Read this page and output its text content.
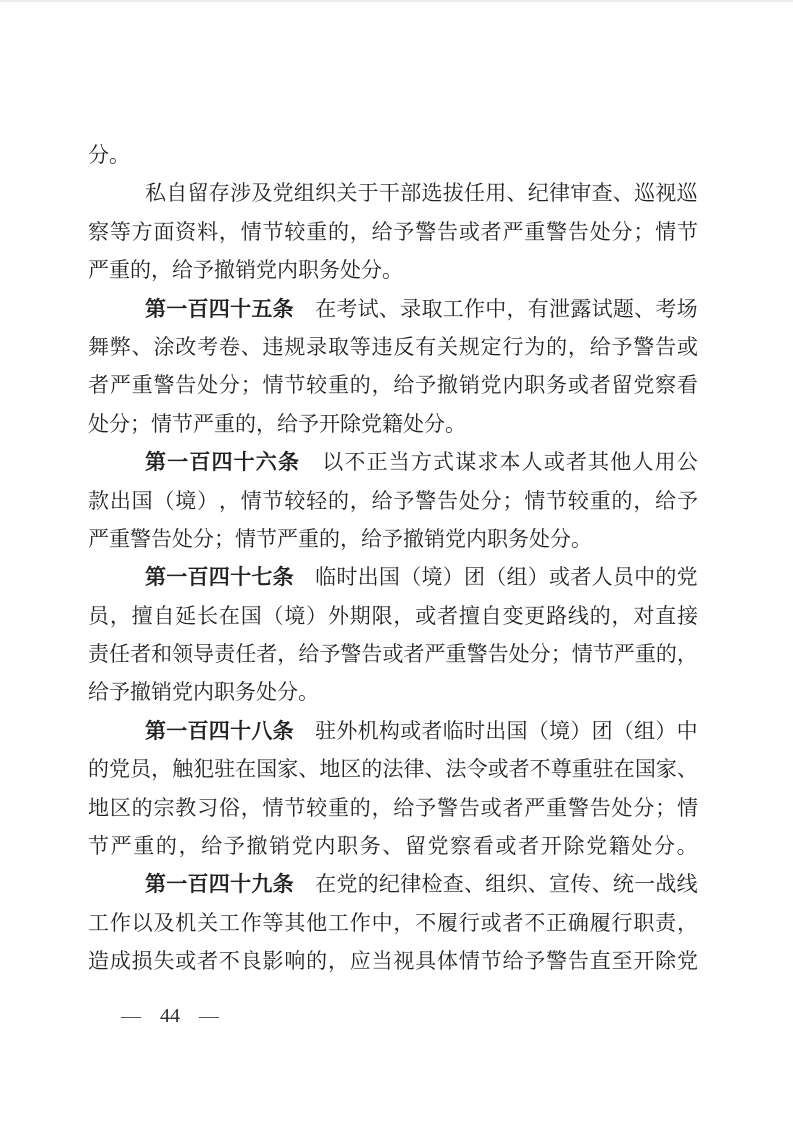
分。
私 自 留 存 涉 及 党 组 织 关 于 干 部 选 拔 任 用 、 纪 律 审 查 、 巡 视 巡
察 等 方 面 资 料 ， 情 节 较 重 的 ， 给 予 警 告 或 者 严 重 警 告 处 分 ； 情 节
严重的，给予撤销党内职务处分。
第 一 百 四 十 五 条
　 在 考 试 、 录 取 工 作 中 ， 有 泄 露 试 题 、 考 场
舞 弊 、 涂 改 考 卷 、 违 规 录 取 等 违 反 有 关 规 定 行 为 的 ， 给 予 警 告 或
者 严 重 警 告 处 分 ； 情 节 较 重 的 ， 给 予 撤 销 党 内 职 务 或 者 留 党 察 看
处分；情节严重的，给予开除党籍处分。
第 一 百 四 十 六 条
　 以 不 正 当 方 式 谋 求 本 人 或 者 其 他 人 用 公
款 出 国 （ 境 ） ， 情 节 较 轻 的 ， 给 予 警 告 处 分 ； 情 节 较 重 的 ， 给 予
严重警告处分；情节严重的，给予撤销党内职务处分。
第 一 百 四 十 七 条
　 临 时 出 国 （ 境 ） 团 （ 组 ） 或 者 人 员 中 的 党
员 ， 擅 自 延 长 在 国 （ 境 ） 外 期 限 ， 或 者 擅 自 变 更 路 线 的 ， 对 直 接
责 任 者 和 领 导 责 任 者 ， 给 予 警 告 或 者 严 重 警 告 处 分 ； 情 节 严 重 的 ，
给予撤销党内职务处分。
第 一 百 四 十 八 条
　 驻 外 机 构 或 者 临 时 出 国 （ 境 ） 团 （ 组 ） 中
的 党 员 ， 触 犯 驻 在 国 家 、 地 区 的 法 律 、 法 令 或 者 不 尊 重 驻 在 国 家 、
地 区 的 宗 教 习 俗 ， 情 节 较 重 的 ， 给 予 警 告 或 者 严 重 警 告 处 分 ； 情
节 严 重 的 ， 给 予 撤 销 党 内 职 务 、 留 党 察 看 或 者 开 除 党 籍 处 分 。
第 一 百 四 十 九 条
　 在 党 的 纪 律 检 查 、 组 织 、 宣 传 、 统 一 战 线
工 作 以 及 机 关 工 作 等 其 他 工 作 中 ， 不 履 行 或 者 不 正 确 履 行 职 责 ，
造 成 损 失 或 者 不 良 影 响 的 ， 应 当 视 具 体 情 节 给 予 警 告 直 至 开 除 党
— 44 —
